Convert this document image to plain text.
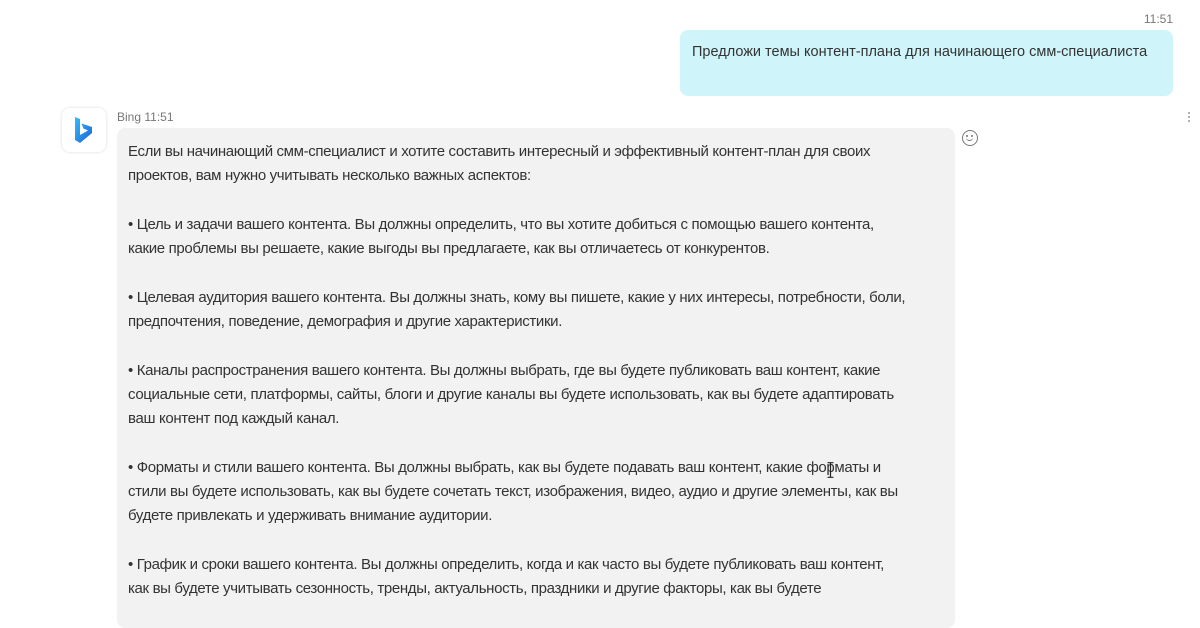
11:51
Предложи темы контент-плана для начинающего смм-специалиста
Bing 11:51
Если вы начинающий смм-специалист и хотите составить интересный и эффективный контент-план для своих
проектов, вам нужно учитывать несколько важных аспектов:
• Цель и задачи вашего контента. Вы должны определить, что вы хотите добиться с помощью вашего контента,
какие проблемы вы решаете, какие выгоды вы предлагаете, как вы отличаетесь от конкурентов.
• Целевая аудитория вашего контента. Вы должны знать, кому вы пишете, какие у них интересы, потребности, боли,
предпочтения, поведение, демография и другие характеристики.
• Каналы распространения вашего контента. Вы должны выбрать, где вы будете публиковать ваш контент, какие
социальные сети, платформы, сайты, блоги и другие каналы вы будете использовать, как вы будете адаптировать
ваш контент под каждый канал.
• Форматы и стили вашего контента. Вы должны выбрать, как вы будете подавать ваш контент, какие форматы и
стили вы будете использовать, как вы будете сочетать текст, изображения, видео, аудио и другие элементы, как вы
будете привлекать и удерживать внимание аудитории.
• График и сроки вашего контента. Вы должны определить, когда и как часто вы будете публиковать ваш контент,
как вы будете учитывать сезонность, тренды, актуальность, праздники и другие факторы, как вы будете
